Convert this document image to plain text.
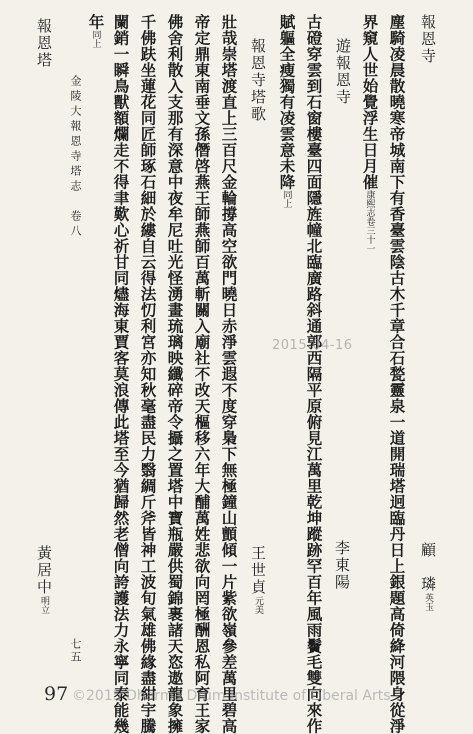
金陵大報恩寺塔志　卷八
七五
報恩寺
顧　璘英玉
塵騎凌晨散曉寒帝城南下有香臺雲陰古木千章合石甃靈泉一道開瑞塔迥臨丹日上銀題高倚絳河隈身從淨
界窺人世始覺浮生日月催康熙志卷三十一
遊報恩寺
李東陽
古磴穿雲到石窗樓臺四面隱旌幢北臨廣路斜通郭西隔平原俯見江萬里乾坤蹤跡罕百年風雨鬢毛雙向來作
賦軀全瘦獨有凌雲意未降同上
報恩寺塔歌
王世貞元美
壯哉崇塔渡直上三百尺金輪撐高空欲門曉日赤淨雲遐不度穿梟下無極鐘山顫傾一片紫欲嶺參差萬里碧高
帝定鼎東南垂文孫僭啓燕王師燕師百萬斬關入廟社不改天樞移六年大酺萬姓悲欲向罔極酬恩私阿育王家
佛舍利散入支那有深意中夜牟尼吐光怪湧畫琉璃映纖碎帝令攝之置塔中寶瓶嚴供蜀錦裹諸天恣遨龍象擁
千佛趺坐蓮花同匠師琢石細於縷自云得法忉利宮亦知秋毫盡民力翳綢斤斧皆神工波旬氣雄佛緣盡紺宇騰
闌銷一瞬鳥獸額爛走不得聿歎心祈甘同燼海東賈客莫浪傳此塔至今猶歸然老僧向誇護法力永寧同泰能幾
年同上
報恩塔
黃居中明立
2015-04-16
97 ©2015 Dharma Drum Institute of Liberal Arts
